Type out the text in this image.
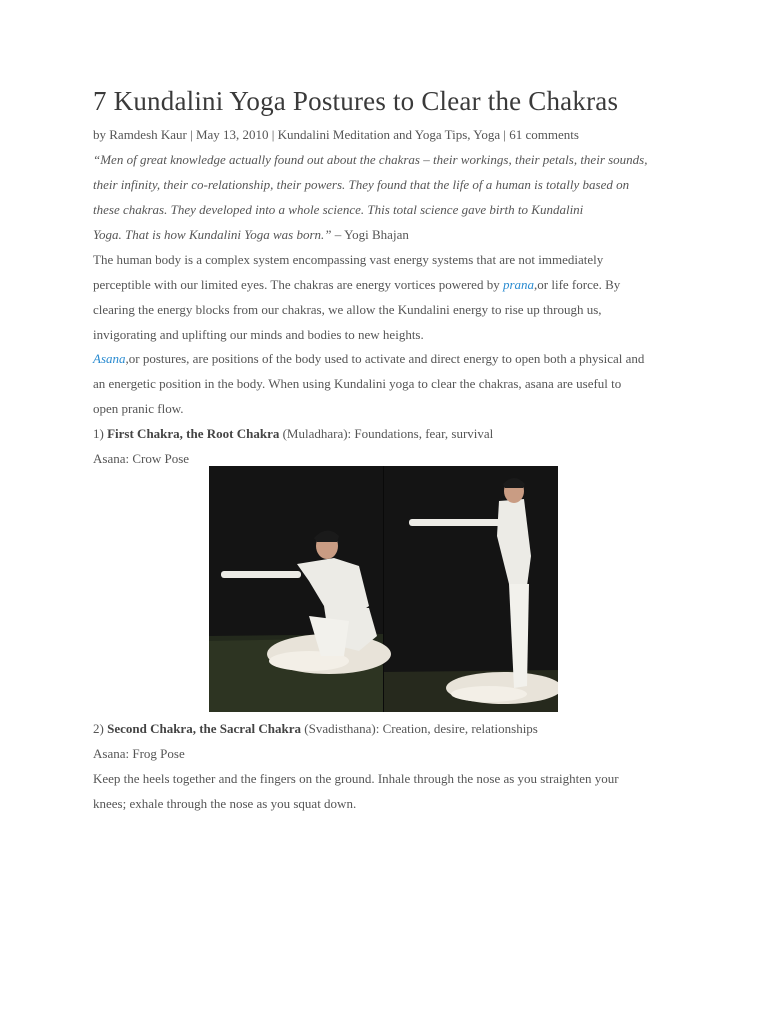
7 Kundalini Yoga Postures to Clear the Chakras
by Ramdesh Kaur | May 13, 2010 | Kundalini Meditation and Yoga Tips, Yoga | 61 comments
“Men of great knowledge actually found out about the chakras – their workings, their petals, their sounds,
their infinity, their co-relationship, their powers. They found that the life of a human is totally based on
these chakras. They developed into a whole science. This total science gave birth to Kundalini
Yoga. That is how Kundalini Yoga was born.” – Yogi Bhajan
The human body is a complex system encompassing vast energy systems that are not immediately
perceptible with our limited eyes. The chakras are energy vortices powered by prana,or life force. By
clearing the energy blocks from our chakras, we allow the Kundalini energy to rise up through us,
invigorating and uplifting our minds and bodies to new heights.
Asana,or postures, are positions of the body used to activate and direct energy to open both a physical and
an energetic position in the body. When using Kundalini yoga to clear the chakras, asana are useful to
open pranic flow.
1) First Chakra, the Root Chakra (Muladhara): Foundations, fear, survival
Asana: Crow Pose
2) Second Chakra, the Sacral Chakra (Svadisthana): Creation, desire, relationships
Asana: Frog Pose
Keep the heels together and the fingers on the ground. Inhale through the nose as you straighten your
knees; exhale through the nose as you squat down.
